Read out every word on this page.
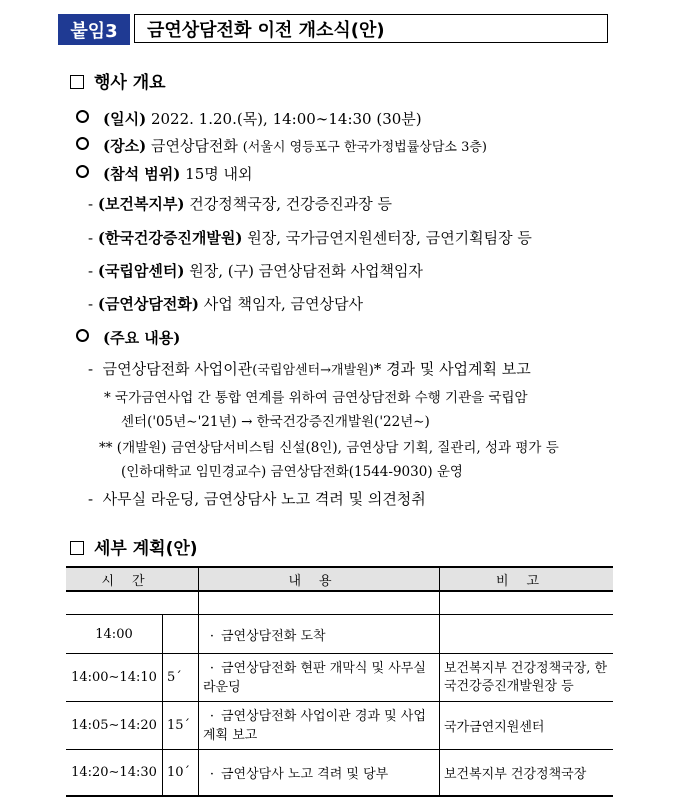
붙임3	금연상담전화 이전 개소식(안)
행사 개요
(일시) 2022. 1.20.(목), 14:00∼14:30 (30분)
(장소) 금연상담전화 (서울시 영등포구 한국가정법률상담소 3층)
(참석 범위) 15명 내외
- (보건복지부) 건강정책국장, 건강증진과장 등
- (한국건강증진개발원) 원장, 국가금연지원센터장, 금연기획팀장 등
- (국립암센터) 원장, (구) 금연상담전화 사업책임자
- (금연상담전화) 사업 책임자, 금연상담사
(주요 내용)
-  금연상담전화 사업이관(국립암센터→개발원)* 경과 및 사업계획 보고
* 국가금연사업 간 통합 연계를 위하여 금연상담전화 수행 기관을 국립암
센터('05년∼'21년) → 한국건강증진개발원('22년∼)
** (개발원) 금연상담서비스팀 신설(8인), 금연상담 기획, 질관리, 성과 평가 등
(인하대학교 임민경교수) 금연상담전화(1544-9030) 운영
-  사무실 라운딩, 금연상담사 노고 격려 및 의견청취
세부 계획(안)
시간		내용	비고

14:00		· 금연상담전화 도착	
14:00∼14:10	5´	· 금연상담전화 현판 개막식 및 사무실 라운딩	보건복지부 건강정책국장, 한국건강증진개발원장 등
14:05∼14:20	15´	· 금연상담전화 사업이관 경과 및 사업계획 보고	국가금연지원센터
14:20∼14:30	10´	· 금연상담사 노고 격려 및 당부	보건복지부 건강정책국장
